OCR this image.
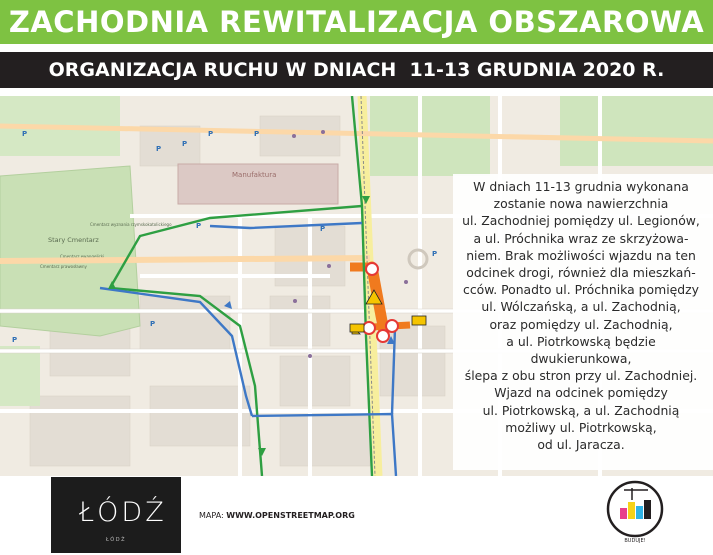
ZACHODNIA REWITALIZACJA OBSZAROWA
ORGANIZACJA RUCHU W DNIACH  11-13 GRUDNIA 2020 R.
Manufaktura
Stary Cmentarz
Cmentarz wyznania rzymskokatolickiego
Cmentarz ewangelicki
Cmentarz prawosławny
P
P
P	P
P
P	P
P
P
P
W dniach 11-13 grudnia wykonana
zostanie nowa nawierzchnia
ul. Zachodniej pomiędzy ul. Legionów,
a ul. Próchnika wraz ze skrzyżowa-
niem. Brak możliwości wjazdu na ten
odcinek drogi, również dla mieszkań-
cców. Ponadto ul. Próchnika pomiędzy
ul. Wólczańską, a ul. Zachodnią,
oraz pomiędzy ul. Zachodnią,
a ul. Piotrkowską będzie dwukierunkowa,
ślepa z obu stron przy ul. Zachodniej.
Wjazd na odcinek pomiędzy
ul. Piotrkowską, a ul. Zachodnią
możliwy ul. Piotrkowską,
od ul. Jaracza.
ŁÓDŹ
ŁÓDŹ
MAPA: WWW.OPENSTREETMAP.ORG
BUDUJE!
